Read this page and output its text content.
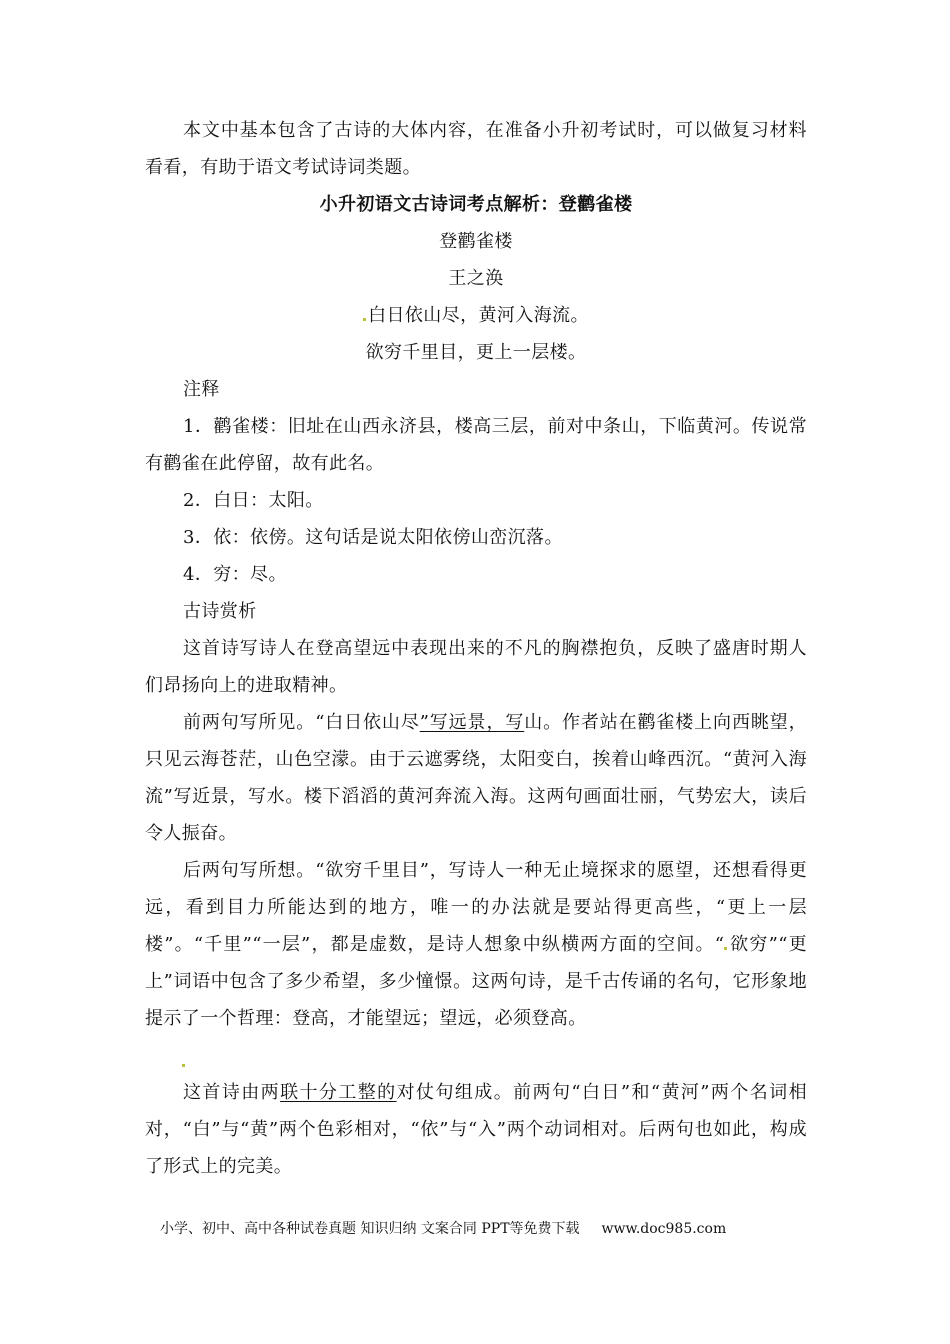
本文中基本包含了古诗的大体内容，在准备小升初考试时，可以做复习材料看看，有助于语文考试诗词类题。

小升初语文古诗词考点解析：登鹳雀楼

登鹳雀楼

王之涣

白日依山尽，黄河入海流。

欲穷千里目，更上一层楼。

注释

1．鹳雀楼：旧址在山西永济县，楼高三层，前对中条山，下临黄河。传说常有鹳雀在此停留，故有此名。

2．白日：太阳。

3．依：依傍。这句话是说太阳依傍山峦沉落。

4．穷：尽。

古诗赏析

这首诗写诗人在登高望远中表现出来的不凡的胸襟抱负，反映了盛唐时期人们昂扬向上的进取精神。

前两句写所见。“白日依山尽”写远景，写山。作者站在鹳雀楼上向西眺望，只见云海苍茫，山色空濛。由于云遮雾绕，太阳变白，挨着山峰西沉。“黄河入海流”写近景，写水。楼下滔滔的黄河奔流入海。这两句画面壮丽，气势宏大，读后令人振奋。

后两句写所想。“欲穷千里目”，写诗人一种无止境探求的愿望，还想看得更远，看到目力所能达到的地方，唯一的办法就是要站得更高些，“更上一层楼”。“千里”“一层”，都是虚数，是诗人想象中纵横两方面的空间。“ 欲穷”“更上”词语中包含了多少希望，多少憧憬。这两句诗，是千古传诵的名句，它形象地提示了一个哲理：登高，才能望远；望远，必须登高。

这首诗由两联十分工整的对仗句组成。前两句“白日”和“黄河”两个名词相对，“白”与“黄”两个色彩相对，“依”与“入”两个动词相对。后两句也如此，构成了形式上的完美。

小学、初中、高中各种试卷真题 知识归纳 文案合同 PPT等免费下载 www.doc985.com
